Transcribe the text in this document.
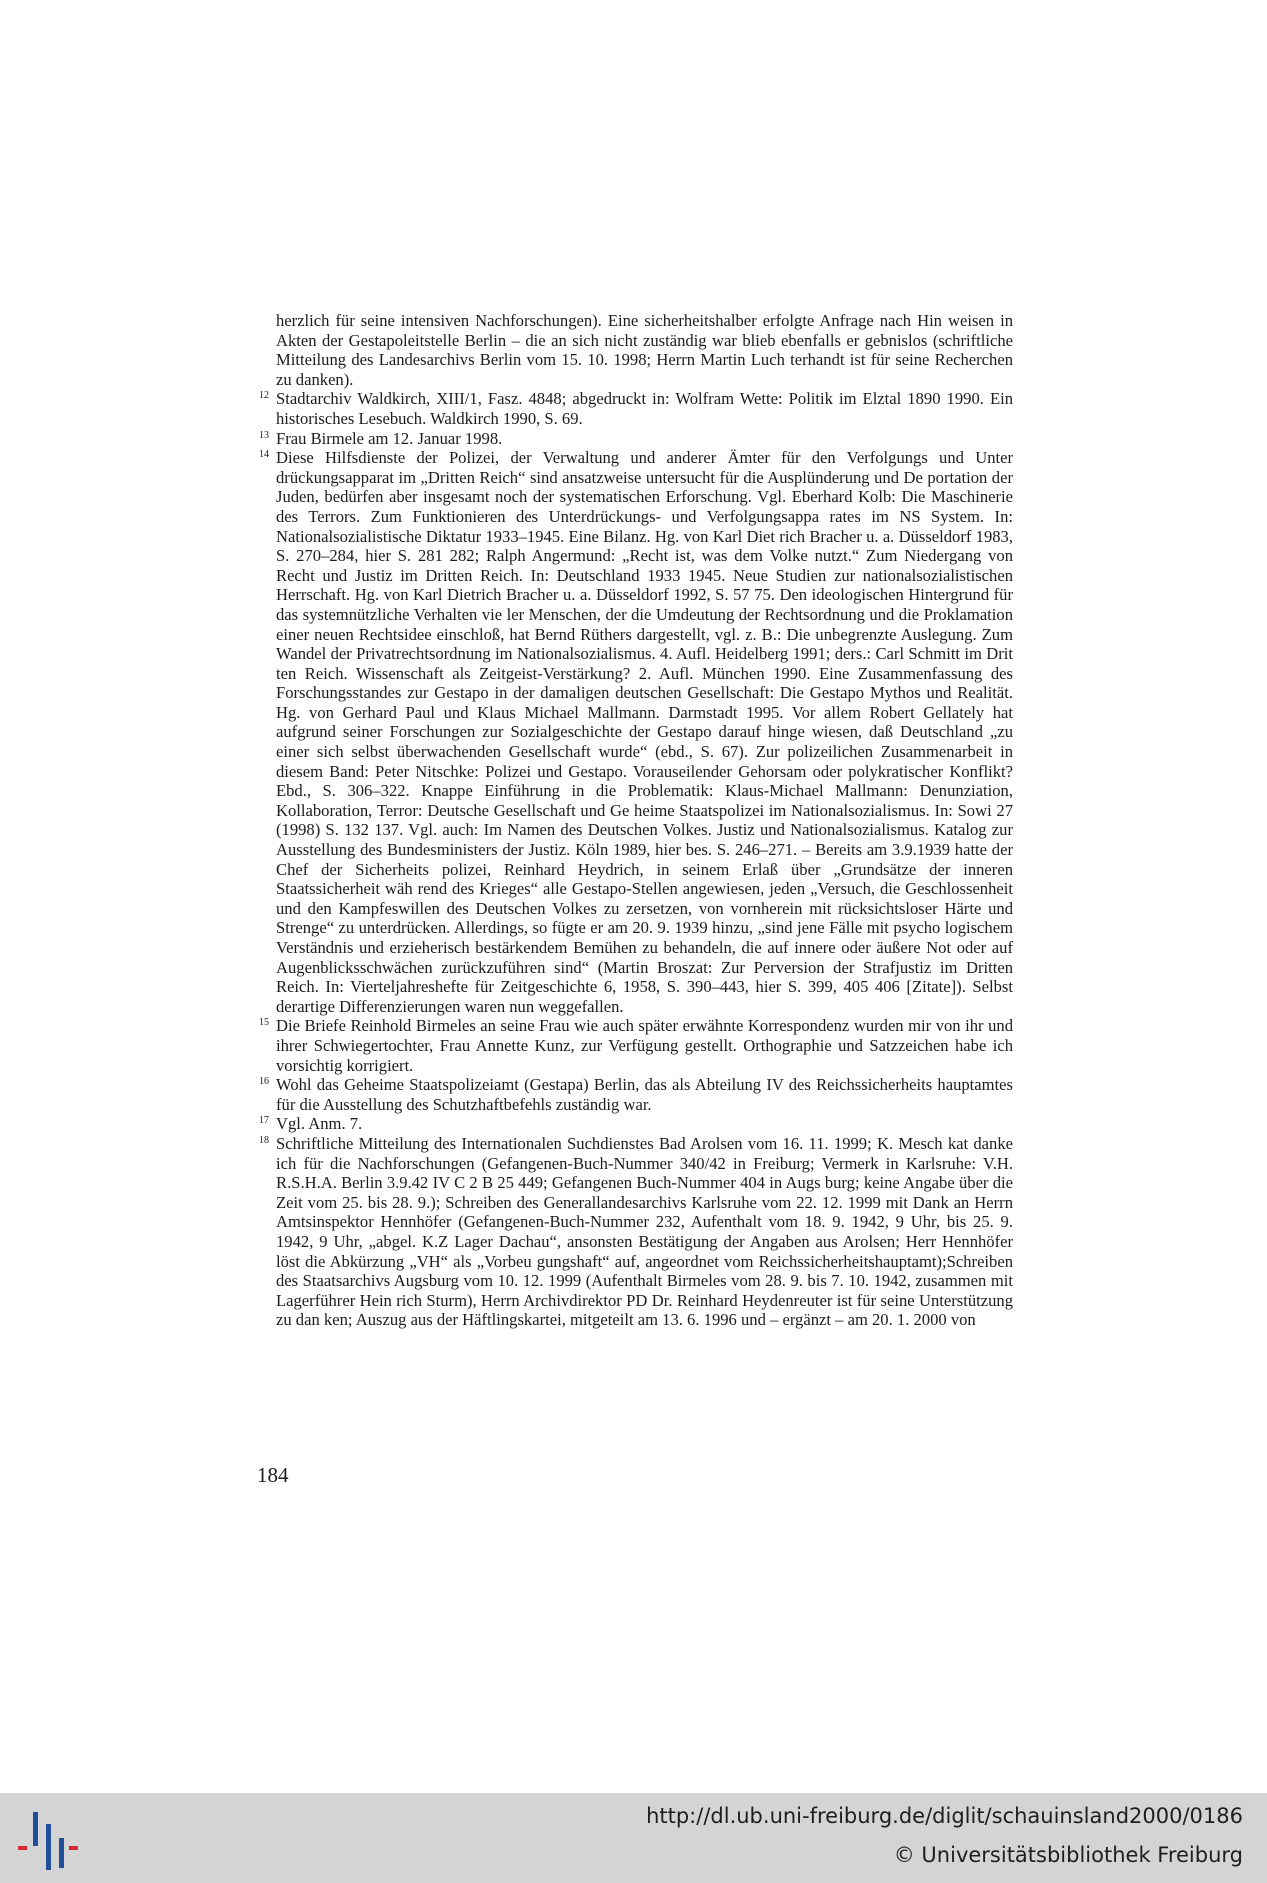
herzlich für seine intensiven Nachforschungen). Eine sicherheitshalber erfolgte Anfrage nach Hin weisen in Akten der Gestapoleitstelle Berlin – die an sich nicht zuständig war blieb ebenfalls er gebnislos (schriftliche Mitteilung des Landesarchivs Berlin vom 15. 10. 1998; Herrn Martin Luch terhandt ist für seine Recherchen zu danken).

12 Stadtarchiv Waldkirch, XIII/1, Fasz. 4848; abgedruckt in: Wolfram Wette: Politik im Elztal 1890 1990. Ein historisches Lesebuch. Waldkirch 1990, S. 69.

13 Frau Birmele am 12. Januar 1998.

14 Diese Hilfsdienste der Polizei, der Verwaltung und anderer Ämter für den Verfolgungs und Unter drückungsapparat im „Dritten Reich“ sind ansatzweise untersucht für die Ausplünderung und De portation der Juden, bedürfen aber insgesamt noch der systematischen Erforschung. Vgl. Eberhard Kolb: Die Maschinerie des Terrors. Zum Funktionieren des Unterdrückungs- und Verfolgungsappa rates im NS System. In: Nationalsozialistische Diktatur 1933–1945. Eine Bilanz. Hg. von Karl Diet rich Bracher u. a. Düsseldorf 1983, S. 270–284, hier S. 281 282; Ralph Angermund: „Recht ist, was dem Volke nutzt.“ Zum Niedergang von Recht und Justiz im Dritten Reich. In: Deutschland 1933 1945. Neue Studien zur nationalsozialistischen Herrschaft. Hg. von Karl Dietrich Bracher u. a. Düsseldorf 1992, S. 57 75. Den ideologischen Hintergrund für das systemnützliche Verhalten vie ler Menschen, der die Umdeutung der Rechtsordnung und die Proklamation einer neuen Rechtsidee einschloß, hat Bernd Rüthers dargestellt, vgl. z. B.: Die unbegrenzte Auslegung. Zum Wandel der Privatrechtsordnung im Nationalsozialismus. 4. Aufl. Heidelberg 1991; ders.: Carl Schmitt im Drit ten Reich. Wissenschaft als Zeitgeist-Verstärkung? 2. Aufl. München 1990. Eine Zusammenfassung des Forschungsstandes zur Gestapo in der damaligen deutschen Gesellschaft: Die Gestapo Mythos und Realität. Hg. von Gerhard Paul und Klaus Michael Mallmann. Darmstadt 1995. Vor allem Robert Gellately hat aufgrund seiner Forschungen zur Sozialgeschichte der Gestapo darauf hinge wiesen, daß Deutschland „zu einer sich selbst überwachenden Gesellschaft wurde“ (ebd., S. 67). Zur polizeilichen Zusammenarbeit in diesem Band: Peter Nitschke: Polizei und Gestapo. Vorauseilender Gehorsam oder polykratischer Konflikt? Ebd., S. 306–322. Knappe Einführung in die Problematik: Klaus-Michael Mallmann: Denunziation, Kollaboration, Terror: Deutsche Gesellschaft und Ge heime Staatspolizei im Nationalsozialismus. In: Sowi 27 (1998) S. 132 137. Vgl. auch: Im Namen des Deutschen Volkes. Justiz und Nationalsozialismus. Katalog zur Ausstellung des Bundesministers der Justiz. Köln 1989, hier bes. S. 246–271. – Bereits am 3.9.1939 hatte der Chef der Sicherheits polizei, Reinhard Heydrich, in seinem Erlaß über „Grundsätze der inneren Staatssicherheit wäh rend des Krieges“ alle Gestapo-Stellen angewiesen, jeden „Versuch, die Geschlossenheit und den Kampfeswillen des Deutschen Volkes zu zersetzen, von vornherein mit rücksichtsloser Härte und Strenge“ zu unterdrücken. Allerdings, so fügte er am 20. 9. 1939 hinzu, „sind jene Fälle mit psycho logischem Verständnis und erzieherisch bestärkendem Bemühen zu behandeln, die auf innere oder äußere Not oder auf Augenblicksschwächen zurückzuführen sind“ (Martin Broszat: Zur Perversion der Strafjustiz im Dritten Reich. In: Vierteljahreshefte für Zeitgeschichte 6, 1958, S. 390–443, hier S. 399, 405 406 [Zitate]). Selbst derartige Differenzierungen waren nun weggefallen.

15 Die Briefe Reinhold Birmeles an seine Frau wie auch später erwähnte Korrespondenz wurden mir von ihr und ihrer Schwiegertochter, Frau Annette Kunz, zur Verfügung gestellt. Orthographie und Satzzeichen habe ich vorsichtig korrigiert.

16 Wohl das Geheime Staatspolizeiamt (Gestapa) Berlin, das als Abteilung IV des Reichssicherheits hauptamtes für die Ausstellung des Schutzhaftbefehls zuständig war.

17 Vgl. Anm. 7.

18 Schriftliche Mitteilung des Internationalen Suchdienstes Bad Arolsen vom 16. 11. 1999; K. Mesch kat danke ich für die Nachforschungen (Gefangenen-Buch-Nummer 340/42 in Freiburg; Vermerk in Karlsruhe: V.H. R.S.H.A. Berlin 3.9.42 IV C 2 B 25 449; Gefangenen Buch-Nummer 404 in Augs burg; keine Angabe über die Zeit vom 25. bis 28. 9.); Schreiben des Generallandesarchivs Karlsruhe vom 22. 12. 1999 mit Dank an Herrn Amtsinspektor Hennhöfer (Gefangenen-Buch-Nummer 232, Aufenthalt vom 18. 9. 1942, 9 Uhr, bis 25. 9. 1942, 9 Uhr, „abgel. K.Z Lager Dachau“, ansonsten Bestätigung der Angaben aus Arolsen; Herr Hennhöfer löst die Abkürzung „VH“ als „Vorbeu gungshaft“ auf, angeordnet vom Reichssicherheitshauptamt);Schreiben des Staatsarchivs Augsburg vom 10. 12. 1999 (Aufenthalt Birmeles vom 28. 9. bis 7. 10. 1942, zusammen mit Lagerführer Hein rich Sturm), Herrn Archivdirektor PD Dr. Reinhard Heydenreuter ist für seine Unterstützung zu dan ken; Auszug aus der Häftlingskartei, mitgeteilt am 13. 6. 1996 und – ergänzt – am 20. 1. 2000 von

184
http://dl.ub.uni-freiburg.de/diglit/schauinsland2000/0186
© Universitätsbibliothek Freiburg
